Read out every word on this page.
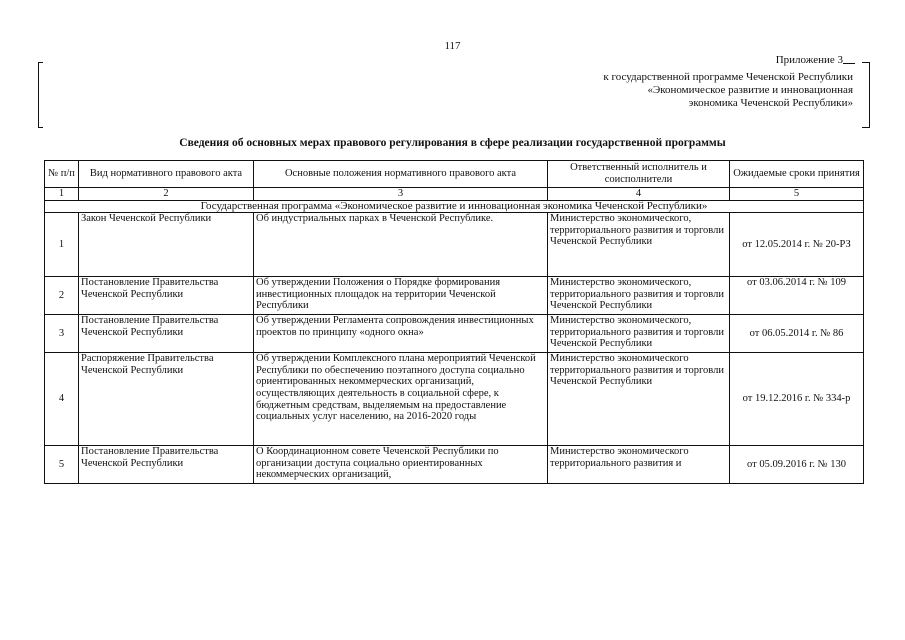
117
Приложение 3
к государственной программе Чеченской Республики
«Экономическое развитие и инновационная
экономика Чеченской Республики»
Сведения об основных мерах правового регулирования в сфере реализации государственной программы
№ п/п	Вид нормативного правового акта	Основные положения нормативного правового акта	Ответственный исполнитель и соисполнители	Ожидаемые сроки принятия
1	2	3	4	5
Государственная программа «Экономическое развитие и инновационная экономика Чеченской Республики»				
1	Закон Чеченской Республики	Об индустриальных парках в Чеченской Республике.	Министерство экономического, территориального развития и торговли Чеченской Республики	от 12.05.2014 г. № 20-РЗ
2	Постановление Правительства Чеченской Республики	Об утверждении Положения о Порядке формирования инвестиционных площадок на территории Чеченской Республики	Министерство экономического, территориального развития и торговли Чеченской Республики	от 03.06.2014 г. № 109
3	Постановление Правительства Чеченской Республики	Об утверждении Регламента сопровождения инвестиционных проектов по принципу «одного окна»	Министерство экономического, территориального развития и торговли Чеченской Республики	от 06.05.2014 г. № 86
4	Распоряжение Правительства Чеченской Республики	Об утверждении Комплексного плана мероприятий Чеченской Республики по обеспечению поэтапного доступа социально ориентированных некоммерческих организаций, осуществляющих деятельность в социальной сфере, к бюджетным средствам, выделяемым на предоставление социальных услуг населению, на 2016-2020 годы	Министерство экономического территориального развития и торговли Чеченской Республики	от 19.12.2016 г. № 334-р
5	Постановление Правительства Чеченской Республики	О Координационном совете Чеченской Республики по организации доступа социально ориентированных некоммерческих организаций,	Министерство экономического территориального развития и	от 05.09.2016 г. № 130
